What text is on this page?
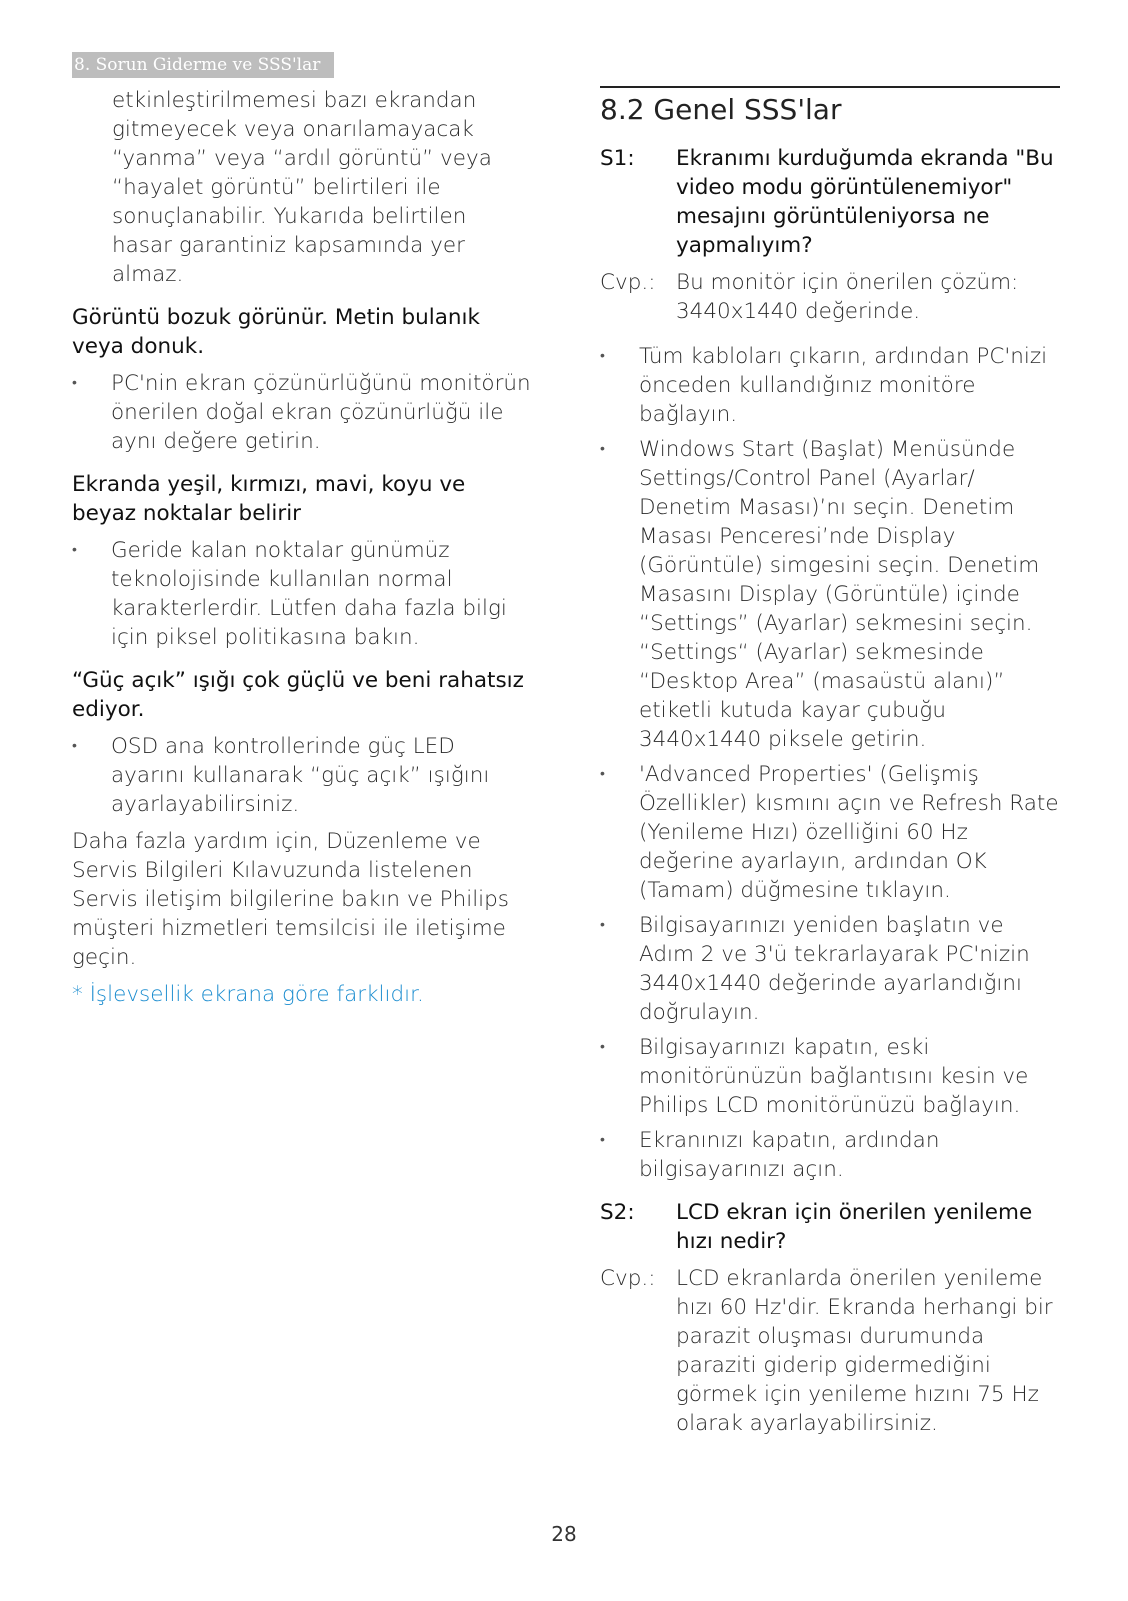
8. Sorun Giderme ve SSS'lar

etkinleştirilmemesi bazı ekrandan gitmeyecek veya onarılamayacak “yanma” veya “ardıl görüntü” veya “hayalet görüntü” belirtileri ile sonuçlanabilir. Yukarıda belirtilen hasar garantiniz kapsamında yer almaz.

Görüntü bozuk görünür. Metin bulanık veya donuk.

• PC'nin ekran çözünürlüğünü monitörün önerilen doğal ekran çözünürlüğü ile aynı değere getirin.

Ekranda yeşil, kırmızı, mavi, koyu ve beyaz noktalar belirir

• Geride kalan noktalar günümüz teknolojisinde kullanılan normal karakterlerdir. Lütfen daha fazla bilgi için piksel politikasına bakın.

“Güç açık” ışığı çok güçlü ve beni rahatsız ediyor.

• OSD ana kontrollerinde güç LED ayarını kullanarak “güç açık” ışığını ayarlayabilirsiniz.

Daha fazla yardım için, Düzenleme ve Servis Bilgileri Kılavuzunda listelenen Servis iletişim bilgilerine bakın ve Philips müşteri hizmetleri temsilcisi ile iletişime geçin.

* İşlevsellik ekrana göre farklıdır.

8.2 Genel SSS'lar
S1:	Ekranımı kurduğumda ekranda "Bu video modu görüntülenemiyor" mesajını görüntüleniyorsa ne yapmalıyım?
Cvp.: Bu monitör için önerilen çözüm: 3440x1440 değerinde.
• Tüm kabloları çıkarın, ardından PC'nizi önceden kullandığınız monitöre bağlayın.
• Windows Start (Başlat) Menüsünde Settings/Control Panel (Ayarlar/ Denetim Masası)’nı seçin. Denetim Masası Penceresi’nde Display (Görüntüle) simgesini seçin. Denetim Masasını Display (Görüntüle) içinde “Settings” (Ayarlar) sekmesini seçin. “Settings“ (Ayarlar) sekmesinde “Desktop Area” (masaüstü alanı)” etiketli kutuda kayar çubuğu 3440x1440 piksele getirin.
• 'Advanced Properties' (Gelişmiş Özellikler) kısmını açın ve Refresh Rate (Yenileme Hızı) özelliğini 60 Hz değerine ayarlayın, ardından OK (Tamam) düğmesine tıklayın.
• Bilgisayarınızı yeniden başlatın ve Adım 2 ve 3'ü tekrarlayarak PC'nizin 3440x1440 değerinde ayarlandığını doğrulayın.
• Bilgisayarınızı kapatın, eski monitörünüzün bağlantısını kesin ve Philips LCD monitörünüzü bağlayın.
• Ekranınızı kapatın, ardından bilgisayarınızı açın.
S2:	LCD ekran için önerilen yenileme hızı nedir?
Cvp.: LCD ekranlarda önerilen yenileme hızı 60 Hz'dir. Ekranda herhangi bir parazit oluşması durumunda paraziti giderip gidermediğini görmek için yenileme hızını 75 Hz olarak ayarlayabilirsiniz.
28
